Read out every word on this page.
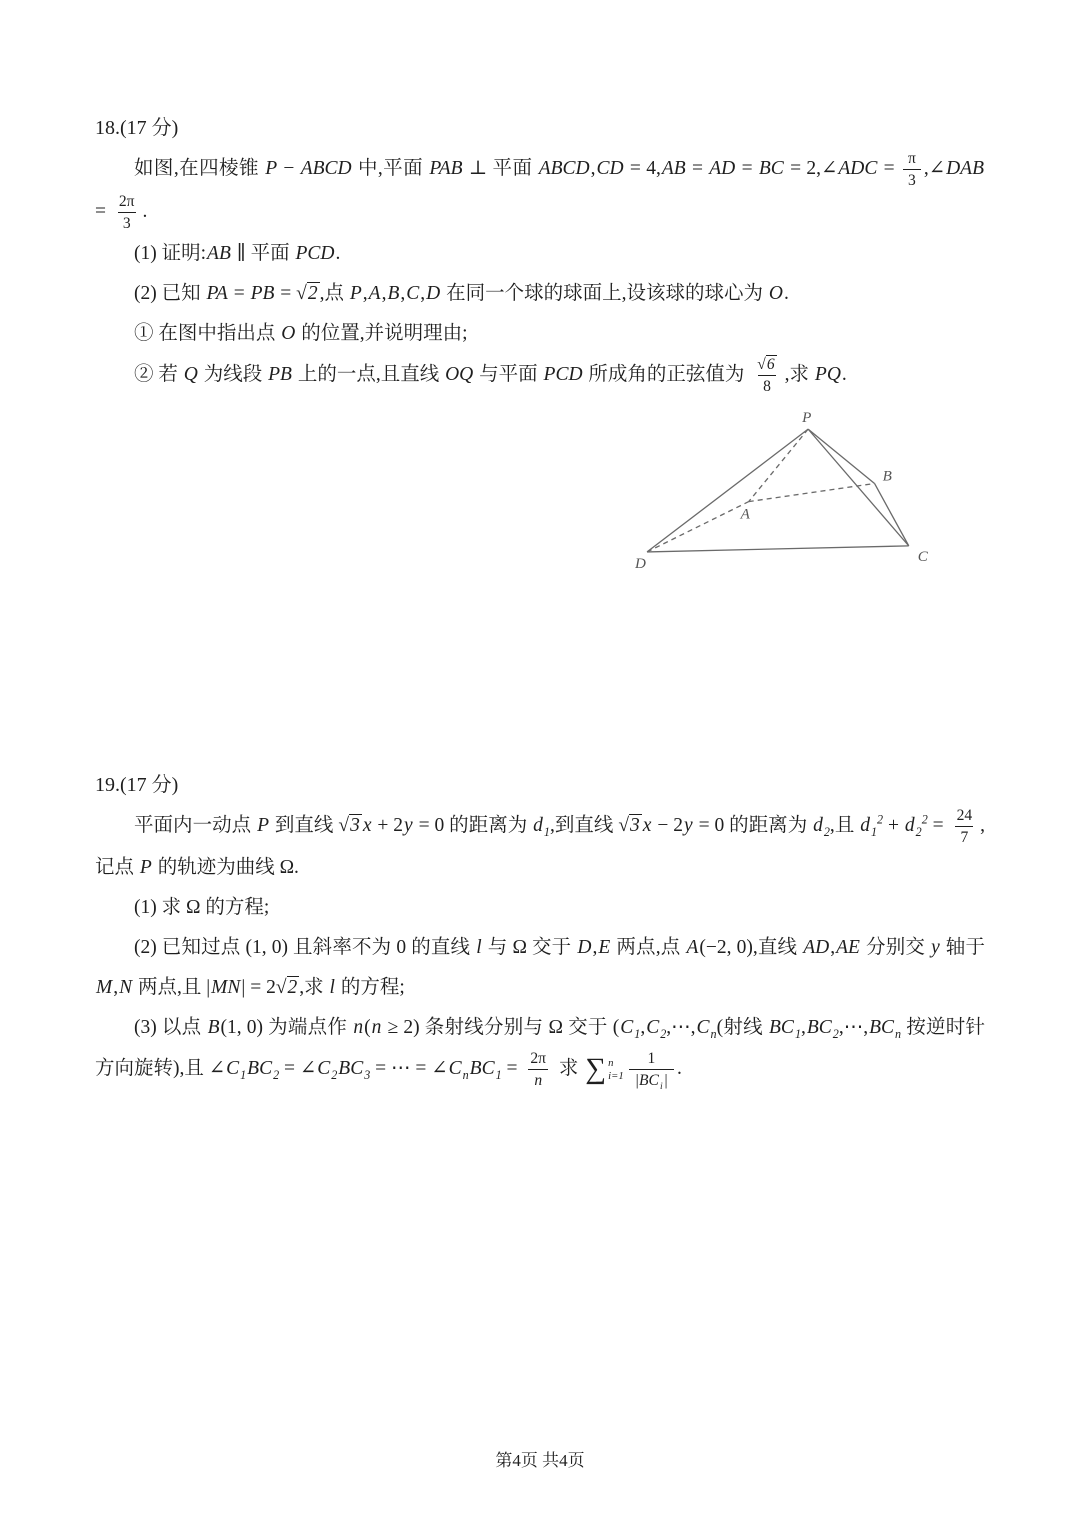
18.(17 分)

如图,在四棱锥 P − ABCD 中,平面 PAB ⊥ 平面 ABCD,CD = 4,AB = AD = BC = 2,∠ADC = $\frac{\pi}{3}$ ,∠DAB = $\frac{2\pi}{3}$ .

(1) 证明:AB ∥ 平面 PCD.

(2) 已知 PA = PB = √2 ,点 P,A,B,C,D 在同一个球的球面上,设该球的球心为 O.

① 在图中指出点 O 的位置,并说明理由;

② 若 Q 为线段 PB 上的一点,且直线 OQ 与平面 PCD 所成角的正弦值为 $\frac{√6}{8}$ ,求 PQ.

P
B
A
D	C
19.(17 分)

平面内一动点 P 到直线 √3 x + 2y = 0 的距离为 $d_1$,到直线 √3 x − 2y = 0 的距离为 $d_2$,且 $d_1^2 + d_2^2 = \frac{24}{7}$ ,记点 P 的轨迹为曲线 Ω.

(1) 求 Ω 的方程;

(2) 已知过点 (1, 0) 且斜率不为 0 的直线 l 与 Ω 交于 D,E 两点,点 A(−2, 0),直线 AD,AE 分别交 y 轴于 M,N 两点,且 |MN| = 2√2 ,求 l 的方程;

(3) 以点 B(1, 0) 为端点作 n(n ≥ 2) 条射线分别与 Ω 交于 ($C_1,C_2,\cdots,C_n$(射线 $BC_1,BC_2,\cdots,BC_n$ 按逆时针方向旋转),且 $\angle C_1BC_2$ = $\angle C_2BC_3$ = ⋯ = $\angle C_nBC_1 = \frac{2\pi}{n}$ 求 ∑ n
$i=1 \frac{1}{|BC_i|}$ .

第4页 共4页
